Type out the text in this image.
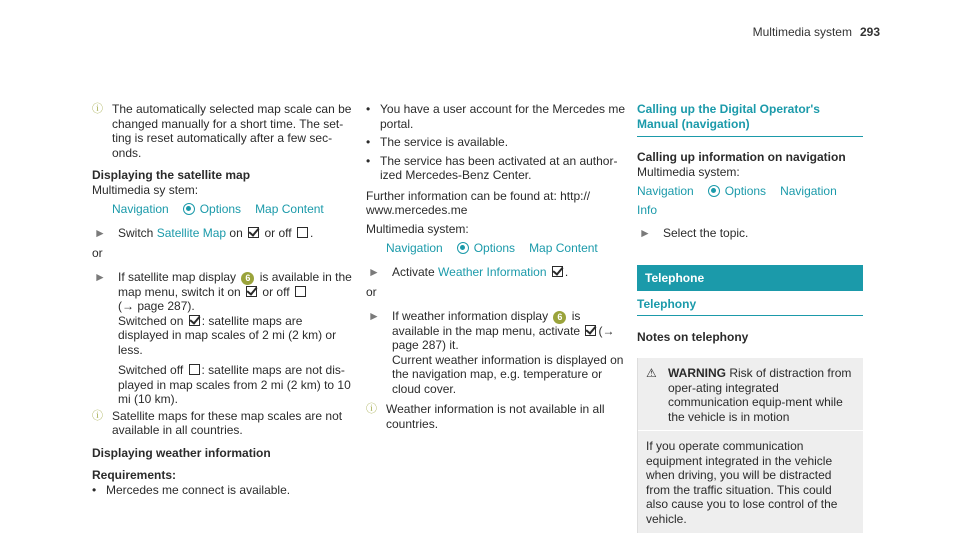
Multimedia system 293
ⓘ The automatically selected map scale can be changed manually for a short time. The set-ting is reset automatically after a few sec-onds.

Displaying the satellite map

Multimedia sy stem:

Navigation	Options Map Content
►	Switch Satellite Map on or off .

or

►	If satellite map display 6 is available in the map menu, switch it on or off

(→ page 287).

Switched on : satellite maps are displayed in map scales of 2 mi (2 km) or less.

Switched off : satellite maps are not dis-played in map scales from 2 mi (2 km) to 10 mi (10 km).

ⓘ Satellite maps for these map scales are not available in all countries.

Displaying weather information

Requirements:

• Mercedes me connect is available.

• You have a user account for the Mercedes me portal.

• The service is available.

• The service has been activated at an author-ized Mercedes-Benz Center.

Further information can be found at: http:// www.mercedes.me

Multimedia system:

Navigation	Options Map Content
►	Activate Weather Information .

or

►	If weather information display 6 is available in the map menu, activate (→ page 287) it.

Current weather information is displayed on the navigation map, e.g. temperature or cloud cover.

ⓘ Weather information is not available in all countries.

Calling up the Digital Operator's Manual (navigation)

Calling up information on navigation

Multimedia system:

Navigation	Options Navigation
Info
►	Select the topic.

Telephone
Telephony

Notes on telephony

⚠ WARNING Risk of distraction from oper-ating integrated communication equip-ment while the vehicle is in motion

If you operate communication equipment integrated in the vehicle when driving, you will be distracted from the traffic situation. This could also cause you to lose control of the vehicle.
